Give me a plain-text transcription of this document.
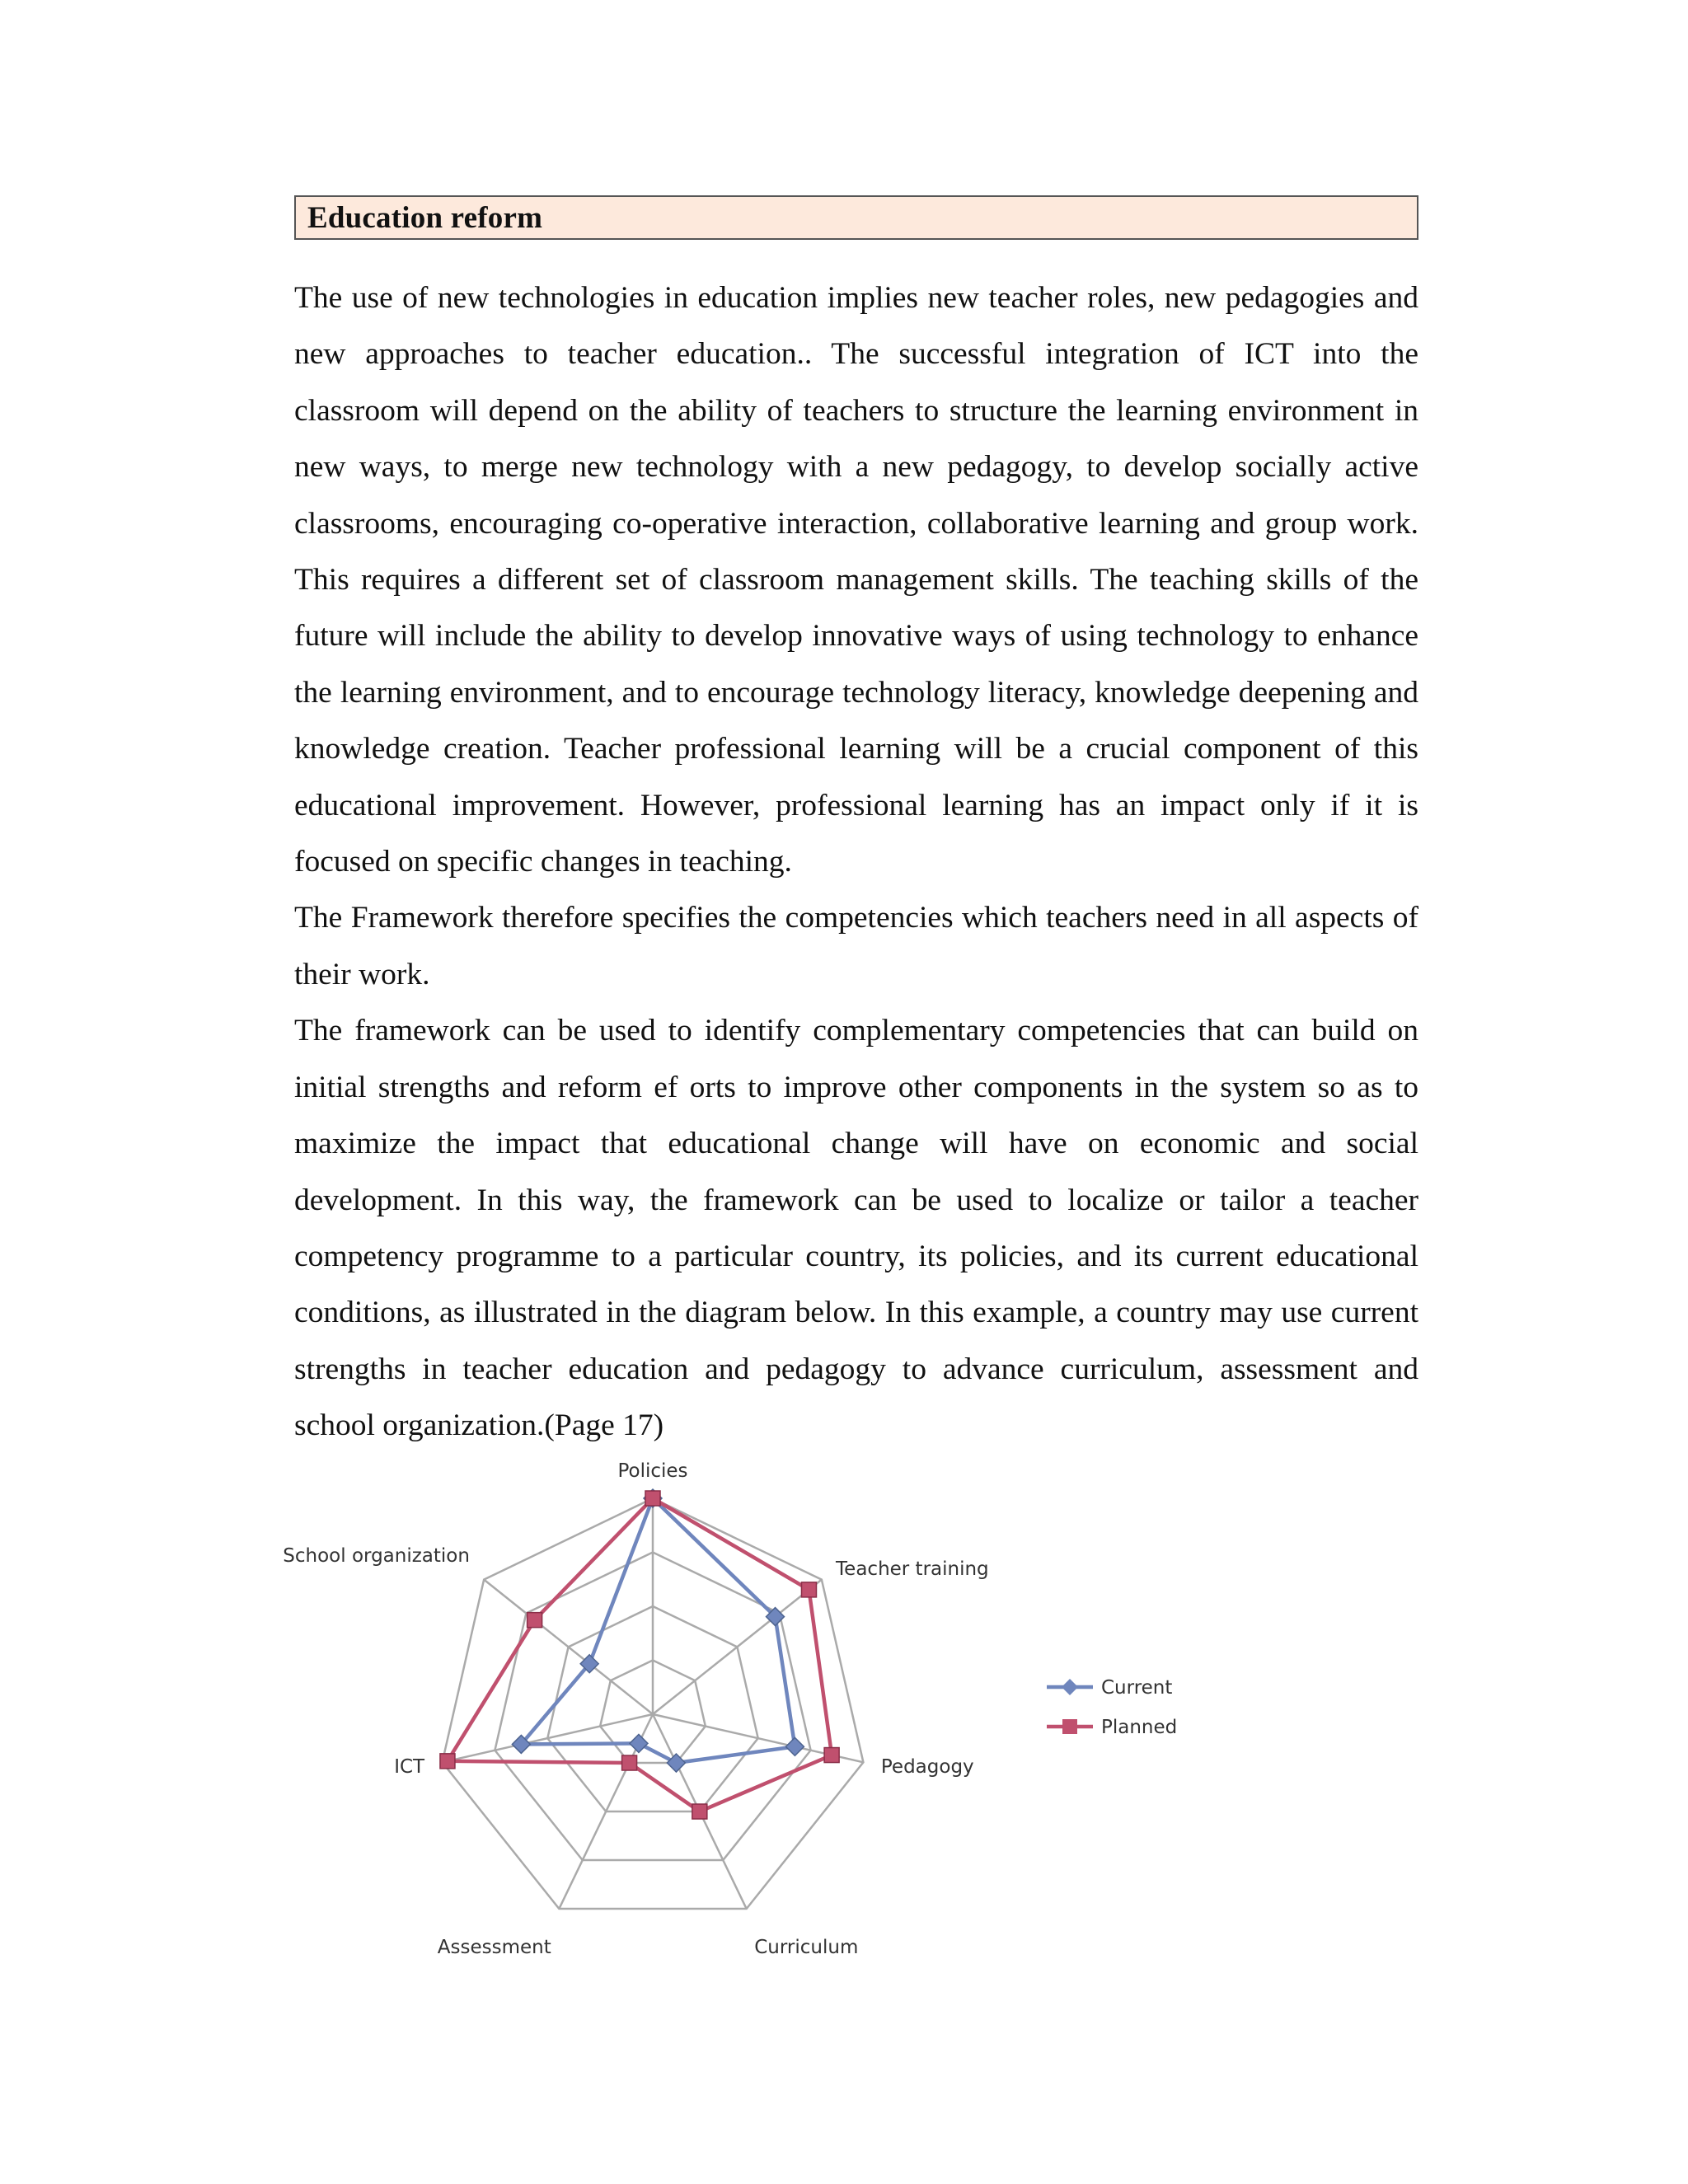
Education reform

The use of new technologies in education implies new teacher roles, new pedagogies and new approaches to teacher education.. The successful integration of ICT into the classroom will depend on the ability of teachers to structure the learning environment in new ways, to merge new technology with a new pedagogy, to develop socially active classrooms, encouraging co-operative interaction, collaborative learning and group work. This requires a different set of classroom management skills. The teaching skills of the future will include the ability to develop innovative ways of using technology to enhance the learning environment, and to encourage technology literacy, knowledge deepening and knowledge creation. Teacher professional learning will be a crucial component of this educational improvement. However, professional learning has an impact only if it is focused on specific changes in teaching.

The Framework therefore specifies the competencies which teachers need in all aspects of their work.

The framework can be used to identify complementary competencies that can build on initial strengths and reform ef orts to improve other components in the system so as to maximize the impact that educational change will have on economic and social development. In this way, the framework can be used to localize or tailor a teacher competency programme to a particular country, its policies, and its current educational conditions, as illustrated in the diagram below. In this example, a country may use current strengths in teacher education and pedagogy to advance curriculum, assessment and school organization.(Page 17)

Policies
Teacher training
Pedagogy
Curriculum
Assessment
ICT
School organization
Current
Planned
